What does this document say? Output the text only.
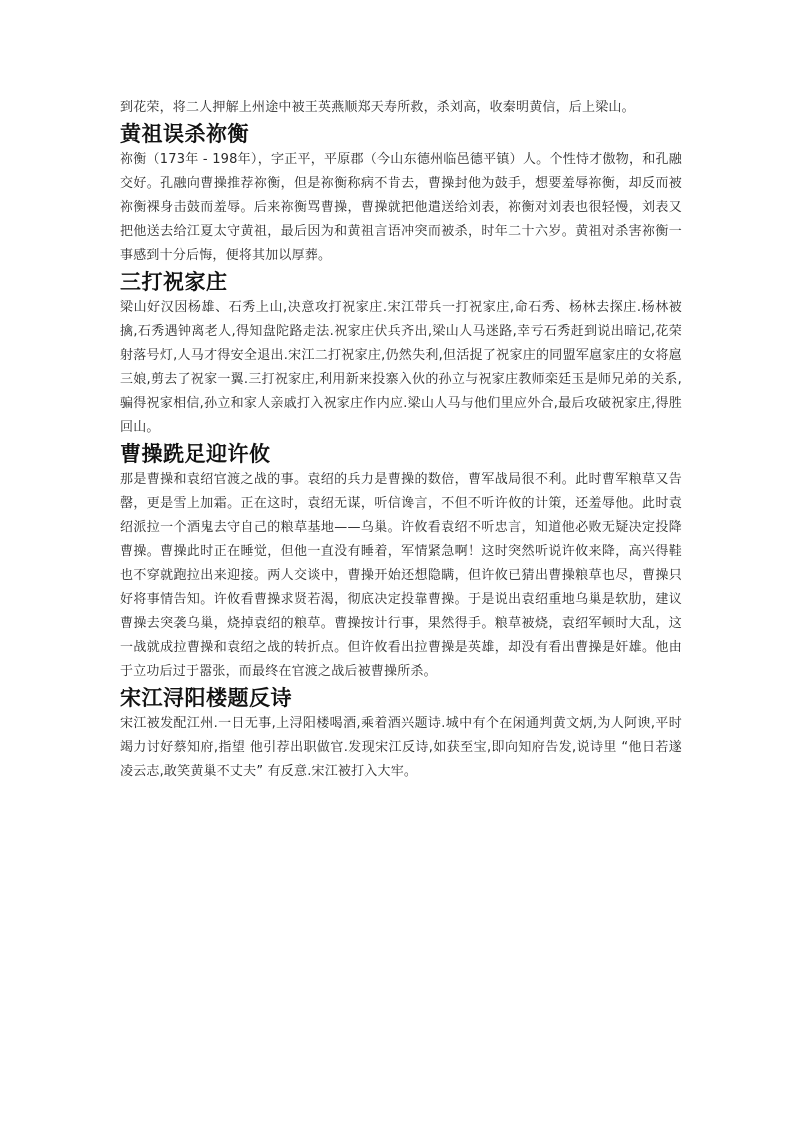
到花荣，将二人押解上州途中被王英燕顺郑天寿所救，杀刘高，收秦明黄信，后上梁山。

黄祖误杀祢衡

祢衡（173年 - 198年），字正平，平原郡（今山东德州临邑德平镇）人。个性恃才傲物，和孔融交好。孔融向曹操推荐祢衡，但是祢衡称病不肯去，曹操封他为鼓手，想要羞辱祢衡，却反而被祢衡裸身击鼓而羞辱。后来祢衡骂曹操，曹操就把他遣送给刘表，祢衡对刘表也很轻慢，刘表又把他送去给江夏太守黄祖，最后因为和黄祖言语冲突而被杀，时年二十六岁。黄祖对杀害祢衡一事感到十分后悔，便将其加以厚葬。

三打祝家庄

梁山好汉因杨雄、石秀上山,决意攻打祝家庄.宋江带兵一打祝家庄,命石秀、杨林去探庄.杨林被擒,石秀遇钟离老人,得知盘陀路走法.祝家庄伏兵齐出,梁山人马迷路,幸亏石秀赶到说出暗记,花荣射落号灯,人马才得安全退出.宋江二打祝家庄,仍然失利,但活捉了祝家庄的同盟军扈家庄的女将扈三娘,剪去了祝家一翼.三打祝家庄,利用新来投寨入伙的孙立与祝家庄教师栾廷玉是师兄弟的关系,骗得祝家相信,孙立和家人亲戚打入祝家庄作内应.梁山人马与他们里应外合,最后攻破祝家庄,得胜回山。

曹操跣足迎许攸

那是曹操和袁绍官渡之战的事。袁绍的兵力是曹操的数倍，曹军战局很不利。此时曹军粮草又告罄，更是雪上加霜。正在这时，袁绍无谋，听信谗言，不但不听许攸的计策，还羞辱他。此时袁绍派拉一个酒鬼去守自己的粮草基地——乌巢。许攸看袁绍不听忠言，知道他必败无疑决定投降曹操。曹操此时正在睡觉，但他一直没有睡着，军情紧急啊！这时突然听说许攸来降，高兴得鞋也不穿就跑拉出来迎接。两人交谈中，曹操开始还想隐瞒，但许攸已猜出曹操粮草也尽，曹操只好将事情告知。许攸看曹操求贤若渴，彻底决定投靠曹操。于是说出袁绍重地乌巢是软肋，建议曹操去突袭乌巢，烧掉袁绍的粮草。曹操按计行事，果然得手。粮草被烧，袁绍军顿时大乱，这一战就成拉曹操和袁绍之战的转折点。但许攸看出拉曹操是英雄，却没有看出曹操是奸雄。他由于立功后过于嚣张，而最终在官渡之战后被曹操所杀。

宋江浔阳楼题反诗

宋江被发配江州.一日无事,上浔阳楼喝酒,乘着酒兴题诗.城中有个在闲通判黄文炳,为人阿谀,平时竭力讨好蔡知府,指望 他引荐出职做官.发现宋江反诗,如获至宝,即向知府告发,说诗里 “他日若遂凌云志,敢笑黄巢不丈夫” 有反意.宋江被打入大牢。
